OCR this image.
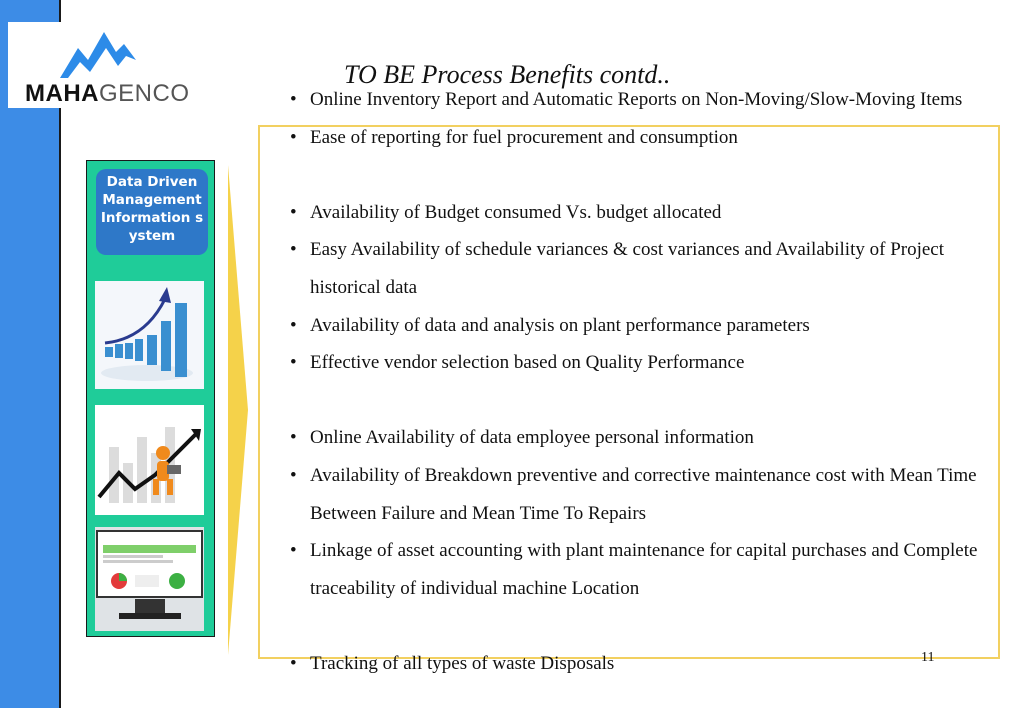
MAHAGENCO
TO BE Process Benefits contd..
Data Driven Management Information system
• Online Inventory Report and Automatic Reports on Non-Moving/Slow-Moving Items
• Ease of reporting for fuel procurement and consumption
• Availability of Budget consumed Vs. budget allocated
• Easy Availability of schedule variances & cost variances and Availability of Project historical data
• Availability of data and analysis on plant performance parameters
• Effective vendor selection based on Quality Performance
• Online Availability of data employee personal information
• Availability of Breakdown preventive and corrective maintenance cost with Mean Time Between Failure and Mean Time To Repairs
• Linkage of asset accounting with plant maintenance for capital purchases and Complete traceability of individual machine Location
• Tracking of all types of waste Disposals	11
